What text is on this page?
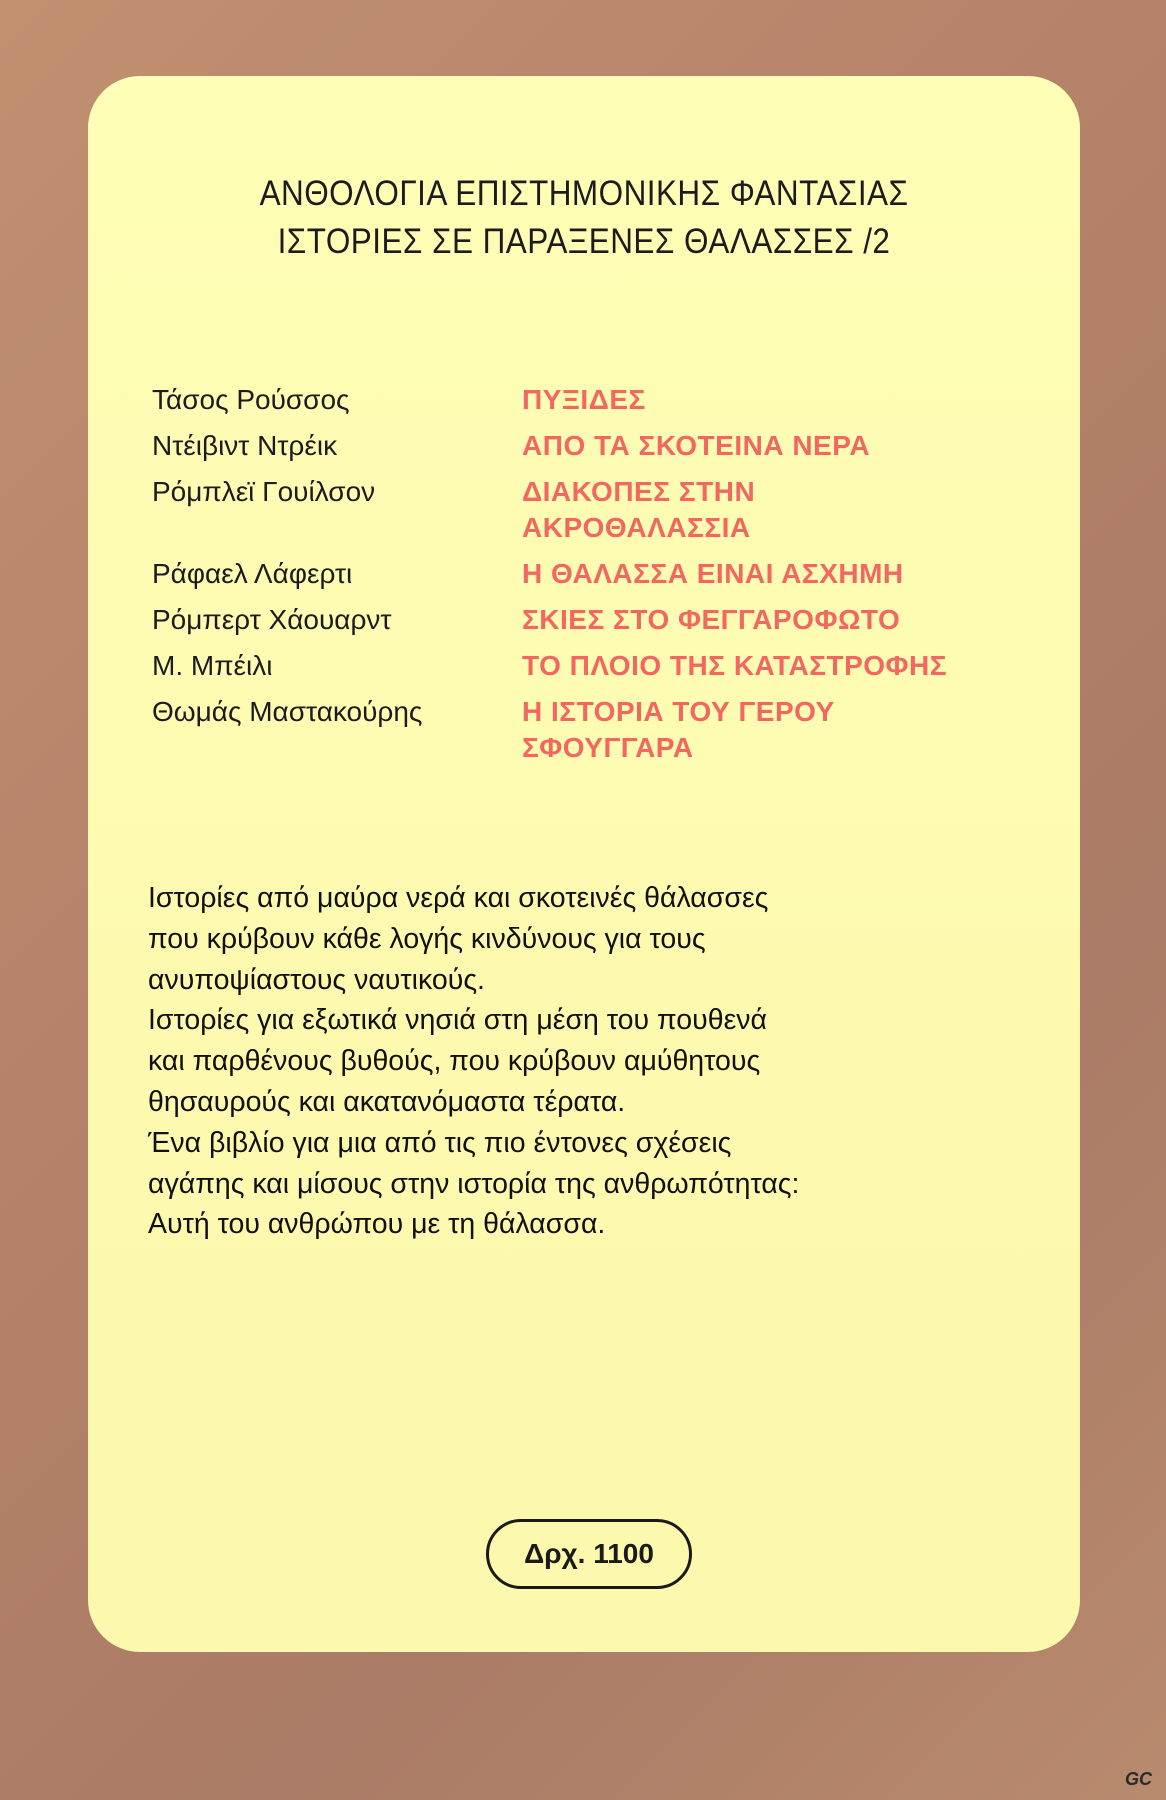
ΑΝΘΟΛΟΓΙΑ ΕΠΙΣΤΗΜΟΝΙΚΗΣ ΦΑΝΤΑΣΙΑΣ
ΙΣΤΟΡΙΕΣ ΣΕ ΠΑΡΑΞΕΝΕΣ ΘΑΛΑΣΣΕΣ /2
Τάσος Ρούσσος	ΠΥΞΙΔΕΣ
Ντέιβιντ Ντρέικ	ΑΠΟ ΤΑ ΣΚΟΤΕΙΝΑ ΝΕΡΑ
Ρόμπλεϊ Γουίλσον	ΔΙΑΚΟΠΕΣ ΣΤΗΝ
ΑΚΡΟΘΑΛΑΣΣΙΑ
Ράφαελ Λάφερτι	Η ΘΑΛΑΣΣΑ ΕΙΝΑΙ ΑΣΧΗΜΗ
Ρόμπερτ Χάουαρντ	ΣΚΙΕΣ ΣΤΟ ΦΕΓΓΑΡΟΦΩΤΟ
Μ. Μπέιλι	ΤΟ ΠΛΟΙΟ ΤΗΣ ΚΑΤΑΣΤΡΟΦΗΣ
Θωμάς Μαστακούρης	Η ΙΣΤΟΡΙΑ ΤΟΥ ΓΕΡΟΥ
ΣΦΟΥΓΓΑΡΑ

Ιστορίες από μαύρα νερά και σκοτεινές θάλασσες

που κρύβουν κάθε λογής κινδύνους για τους

ανυποψίαστους ναυτικούς.

Ιστορίες για εξωτικά νησιά στη μέση του πουθενά

και παρθένους βυθούς, που κρύβουν αμύθητους

θησαυρούς και ακατανόμαστα τέρατα.

Ένα βιβλίο για μια από τις πιο έντονες σχέσεις

αγάπης και μίσους στην ιστορία της ανθρωπότητας:

Αυτή του ανθρώπου με τη θάλασσα.

Δρχ. 1100
GC
